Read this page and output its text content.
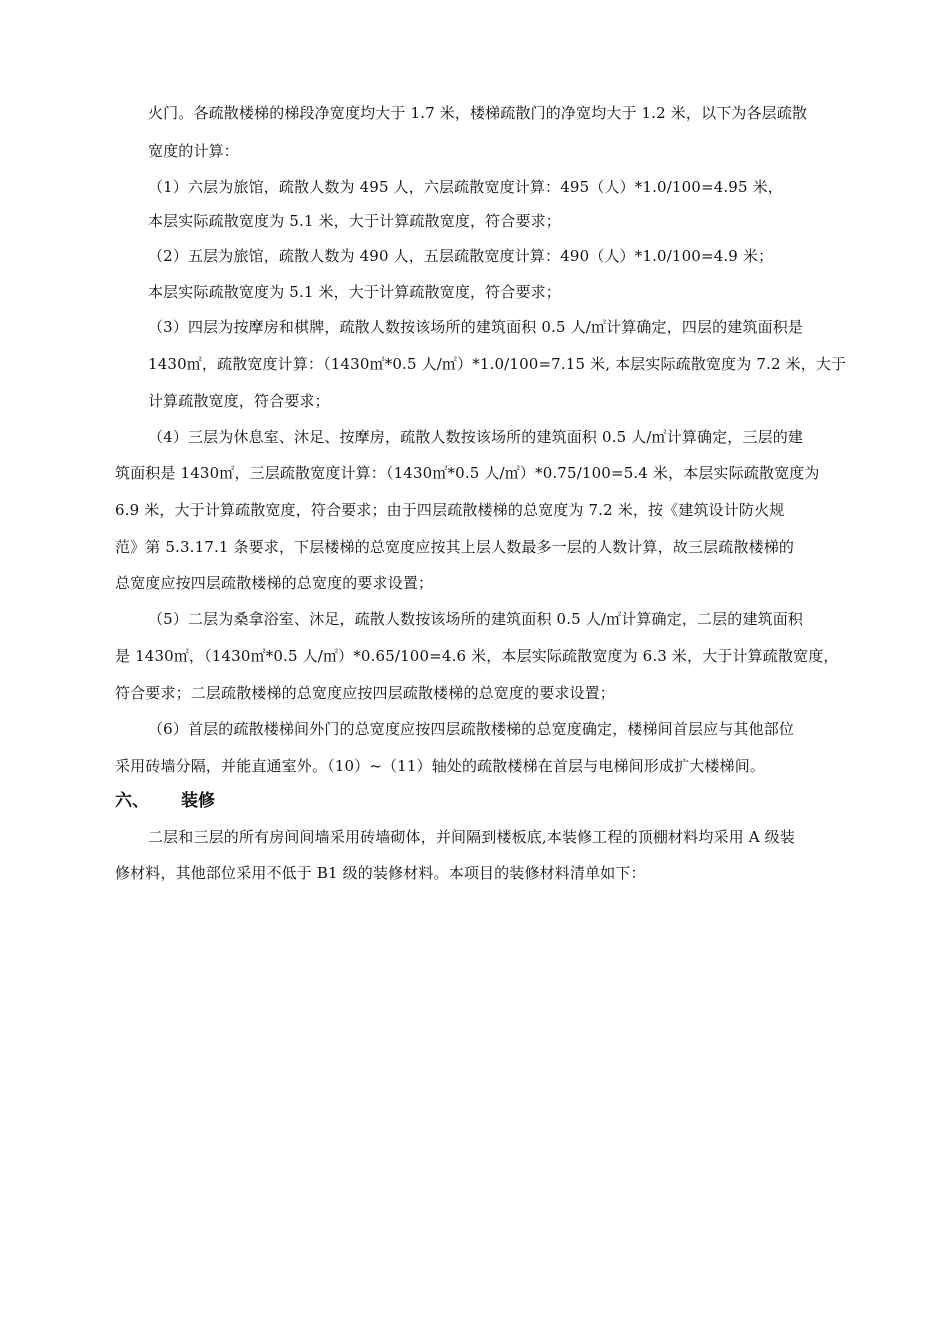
火门。各疏散楼梯的梯段净宽度均大于 1.7 米，楼梯疏散门的净宽均大于 1.2 米，以下为各层疏散
宽度的计算：
（1）六层为旅馆，疏散人数为 495 人，六层疏散宽度计算：495（人）*1.0/100=4.95 米，
本层实际疏散宽度为 5.1 米，大于计算疏散宽度，符合要求；
（2）五层为旅馆，疏散人数为 490 人，五层疏散宽度计算：490（人）*1.0/100=4.9 米；
本层实际疏散宽度为 5.1 米，大于计算疏散宽度，符合要求；
（3）四层为按摩房和棋牌，疏散人数按该场所的建筑面积 0.5 人/㎡计算确定，四层的建筑面积是
1430㎡，疏散宽度计算：（1430㎡*0.5 人/㎡）*1.0/100=7.15 米, 本层实际疏散宽度为 7.2 米，大于
计算疏散宽度，符合要求；
（4）三层为休息室、沐足、按摩房，疏散人数按该场所的建筑面积 0.5 人/㎡计算确定，三层的建
筑面积是 1430㎡，三层疏散宽度计算：（1430㎡*0.5 人/㎡）*0.75/100=5.4 米，本层实际疏散宽度为
6.9 米，大于计算疏散宽度，符合要求；由于四层疏散楼梯的总宽度为 7.2 米，按《建筑设计防火规
范》第 5.3.17.1 条要求，下层楼梯的总宽度应按其上层人数最多一层的人数计算，故三层疏散楼梯的
总宽度应按四层疏散楼梯的总宽度的要求设置；
（5）二层为桑拿浴室、沐足，疏散人数按该场所的建筑面积 0.5 人/㎡计算确定，二层的建筑面积
是 1430㎡，（1430㎡*0.5 人/㎡）*0.65/100=4.6 米，本层实际疏散宽度为 6.3 米，大于计算疏散宽度，
符合要求；二层疏散楼梯的总宽度应按四层疏散楼梯的总宽度的要求设置；
（6）首层的疏散楼梯间外门的总宽度应按四层疏散楼梯的总宽度确定，楼梯间首层应与其他部位
采用砖墙分隔，并能直通室外。（10）~（11）轴处的疏散楼梯在首层与电梯间形成扩大楼梯间。
六、 装修
二层和三层的所有房间间墙采用砖墙砌体，并间隔到楼板底,本装修工程的顶棚材料均采用 A 级装
修材料，其他部位采用不低于 B1 级的装修材料。本项目的装修材料清单如下：
